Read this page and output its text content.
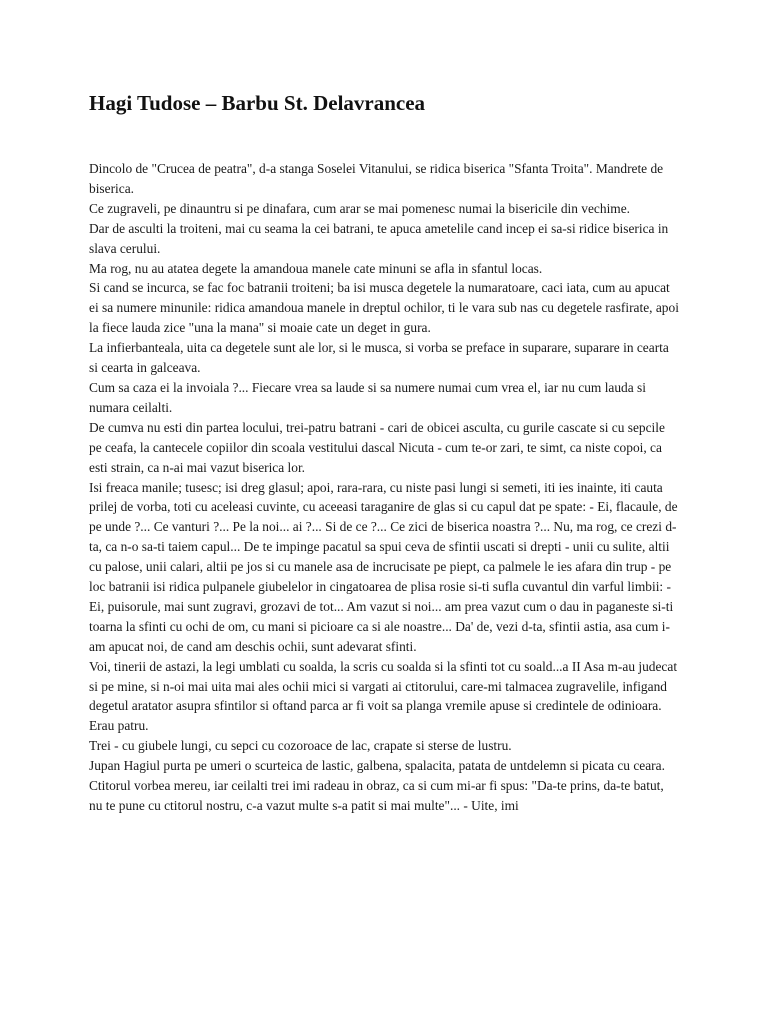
Hagi Tudose – Barbu St. Delavrancea

Dincolo de "Crucea de peatra", d-a stanga Soselei Vitanului, se ridica biserica "Sfanta Troita". Mandrete de biserica.

Ce zugraveli, pe dinauntru si pe dinafara, cum arar se mai pomenesc numai la bisericile din vechime.

Dar de asculti la troiteni, mai cu seama la cei batrani, te apuca ametelile cand incep ei sa-si ridice biserica in slava cerului.

Ma rog, nu au atatea degete la amandoua manele cate minuni se afla in sfantul locas.

Si cand se incurca, se fac foc batranii troiteni; ba isi musca degetele la numaratoare, caci iata, cum au apucat ei sa numere minunile: ridica amandoua manele in dreptul ochilor, ti le vara sub nas cu degetele rasfirate, apoi la fiece lauda zice "una la mana" si moaie cate un deget in gura.

La infierbanteala, uita ca degetele sunt ale lor, si le musca, si vorba se preface in suparare, suparare in cearta si cearta in galceava.

Cum sa caza ei la invoiala ?... Fiecare vrea sa laude si sa numere numai cum vrea el, iar nu cum lauda si numara ceilalti.

De cumva nu esti din partea locului, trei-patru batrani - cari de obicei asculta, cu gurile cascate si cu sepcile pe ceafa, la cantecele copiilor din scoala vestitului dascal Nicuta - cum te-or zari, te simt, ca niste copoi, ca esti strain, ca n-ai mai vazut biserica lor.

Isi freaca manile; tusesc; isi dreg glasul; apoi, rara-rara, cu niste pasi lungi si semeti, iti ies inainte, iti cauta prilej de vorba, toti cu aceleasi cuvinte, cu aceeasi taraganire de glas si cu capul dat pe spate: - Ei, flacaule, de pe unde ?... Ce vanturi ?... Pe la noi... ai ?... Si de ce ?... Ce zici de biserica noastra ?... Nu, ma rog, ce crezi d-ta, ca n-o sa-ti taiem capul... De te impinge pacatul sa spui ceva de sfintii uscati si drepti - unii cu sulite, altii cu palose, unii calari, altii pe jos si cu manele asa de incrucisate pe piept, ca palmele le ies afara din trup - pe loc batranii isi ridica pulpanele giubelelor in cingatoarea de plisa rosie si-ti sufla cuvantul din varful limbii: - Ei, puisorule, mai sunt zugravi, grozavi de tot... Am vazut si noi... am prea vazut cum o dau in paganeste si-ti toarna la sfinti cu ochi de om, cu mani si picioare ca si ale noastre... Da' de, vezi d-ta, sfintii astia, asa cum i-am apucat noi, de cand am deschis ochii, sunt adevarat sfinti.

Voi, tinerii de astazi, la legi umblati cu soalda, la scris cu soalda si la sfinti tot cu soald...a II Asa m-au judecat si pe mine, si n-oi mai uita mai ales ochii mici si vargati ai ctitorului, care-mi talmacea zugravelile, infigand degetul aratator asupra sfintilor si oftand parca ar fi voit sa planga vremile apuse si credintele de odinioara.

Erau patru.

Trei - cu giubele lungi, cu sepci cu cozoroace de lac, crapate si sterse de lustru.

Jupan Hagiul purta pe umeri o scurteica de lastic, galbena, spalacita, patata de untdelemn si picata cu ceara.

Ctitorul vorbea mereu, iar ceilalti trei imi radeau in obraz, ca si cum mi-ar fi spus: "Da-te prins, da-te batut, nu te pune cu ctitorul nostru, c-a vazut multe s-a patit si mai multe"... - Uite, imi
